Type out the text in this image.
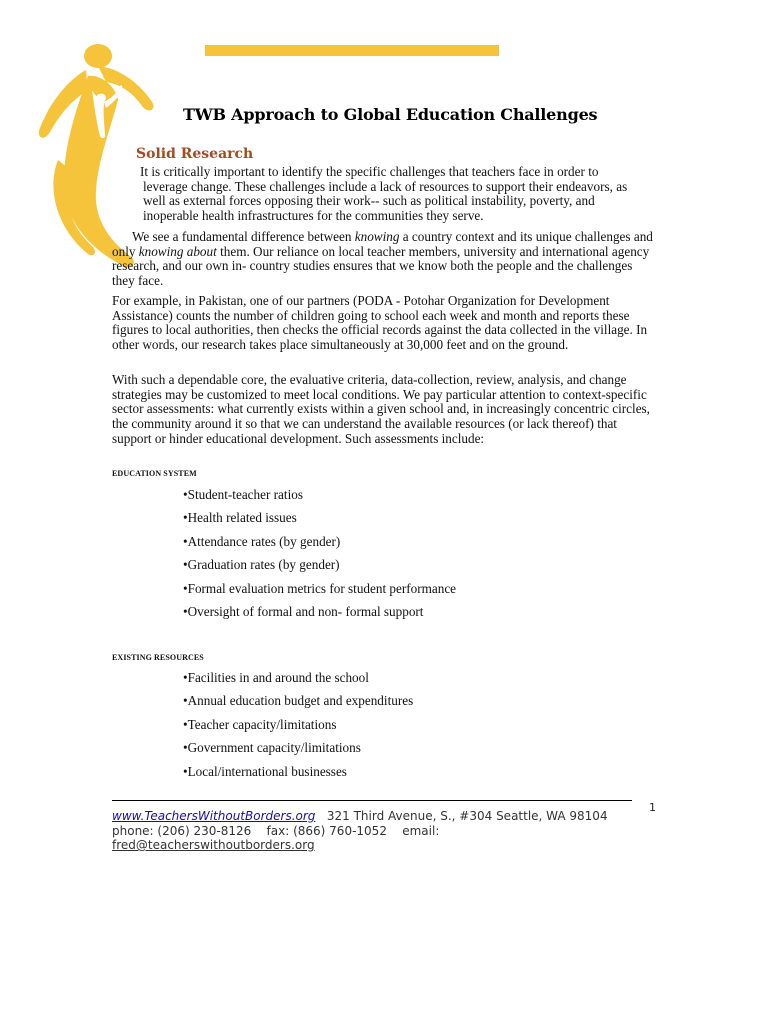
TWB Approach to Global Education Challenges
Solid Research

It is critically important to identify the specific challenges that teachers face in order to
leverage change. These challenges include a lack of resources to support their endeavors, as
well as external forces opposing their work-- such as political instability, poverty, and
inoperable health infrastructures for the communities they serve.

We see a fundamental difference between knowing a country context and its unique challenges and only knowing about them. Our reliance on local teacher members, university and international agency research, and our own in- country studies ensures that we know both the people and the challenges they face.

For example, in Pakistan, one of our partners (PODA - Potohar Organization for Development Assistance) counts the number of children going to school each week and month and reports these figures to local authorities, then checks the official records against the data collected in the village. In other words, our research takes place simultaneously at 30,000 feet and on the ground.

With such a dependable core, the evaluative criteria, data-collection, review, analysis, and change strategies may be customized to meet local conditions. We pay particular attention to context-specific sector assessments: what currently exists within a given school and, in increasingly concentric circles, the community around it so that we can understand the available resources (or lack thereof) that support or hinder educational development. Such assessments include:

EDUCATION SYSTEM
•Student-teacher ratios
•Health related issues
•Attendance rates (by gender)
•Graduation rates (by gender)
•Formal evaluation metrics for student performance
•Oversight of formal and non- formal support
EXISTING RESOURCES
•Facilities in and around the school
•Annual education budget and expenditures
•Teacher capacity/limitations
•Government capacity/limitations
•Local/international businesses
1

www.TeachersWithoutBorders.org 321 Third Avenue, S., #304 Seattle, WA 98104
phone: (206) 230-8126 fax: (866) 760-1052 email:
fred@teacherswithoutborders.org
